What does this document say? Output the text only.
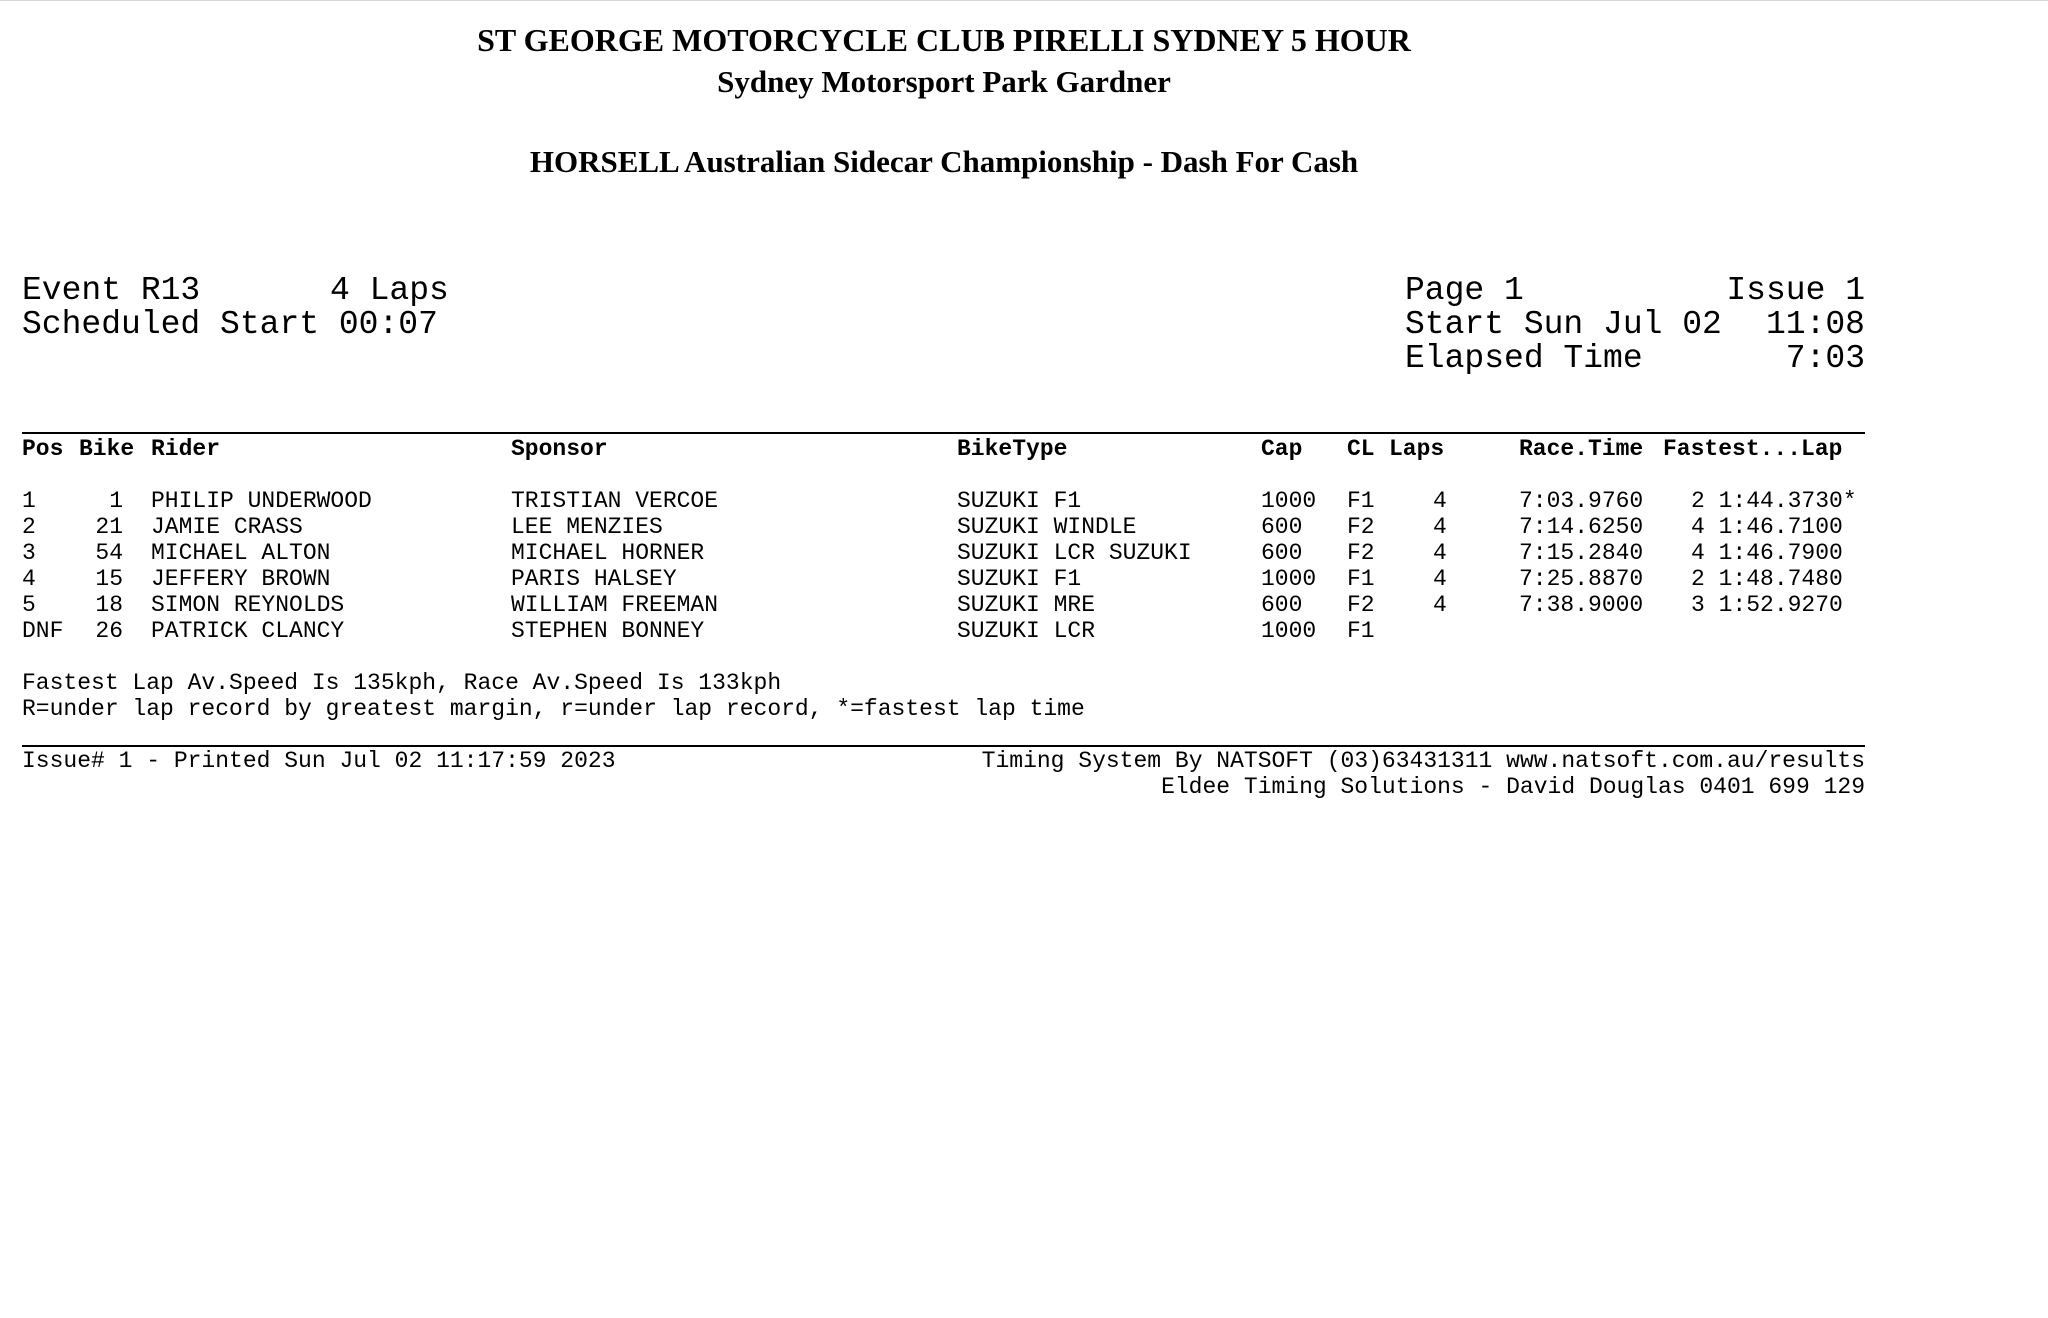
ST GEORGE MOTORCYCLE CLUB PIRELLI SYDNEY 5 HOUR
Sydney Motorsport Park Gardner
HORSELL Australian Sidecar Championship - Dash For Cash
Event R13	4 Laps
Scheduled Start 00:07
Page 1	Issue 1
Start Sun Jul 02	11:08
Elapsed Time	7:03
Pos Bike Rider	Sponsor	BikeType	Cap CL Laps	Race.Time Fastest...Lap
1	1 PHILIP UNDERWOOD	TRISTIAN VERCOE	SUZUKI F1	1000 F1	4	7:03.9760 2 1:44.3730*
2	21 JAMIE CRASS	LEE MENZIES	SUZUKI WINDLE	600 F2	4	7:14.6250 4 1:46.7100
3	54 MICHAEL ALTON	MICHAEL HORNER	SUZUKI LCR SUZUKI	600 F2	4	7:15.2840 4 1:46.7900
4	15 JEFFERY BROWN	PARIS HALSEY	SUZUKI F1	1000 F1	4	7:25.8870 2 1:48.7480
5	18 SIMON REYNOLDS	WILLIAM FREEMAN	SUZUKI MRE	600 F2	4	7:38.9000 3 1:52.9270
DNF	26 PATRICK CLANCY	STEPHEN BONNEY	SUZUKI LCR	1000 F1
Fastest Lap Av.Speed Is 135kph, Race Av.Speed Is 133kph
R=under lap record by greatest margin, r=under lap record, *=fastest lap time
Issue# 1 - Printed Sun Jul 02 11:17:59 2023	Timing System By NATSOFT (03)63431311 www.natsoft.com.au/results
Eldee Timing Solutions - David Douglas 0401 699 129
